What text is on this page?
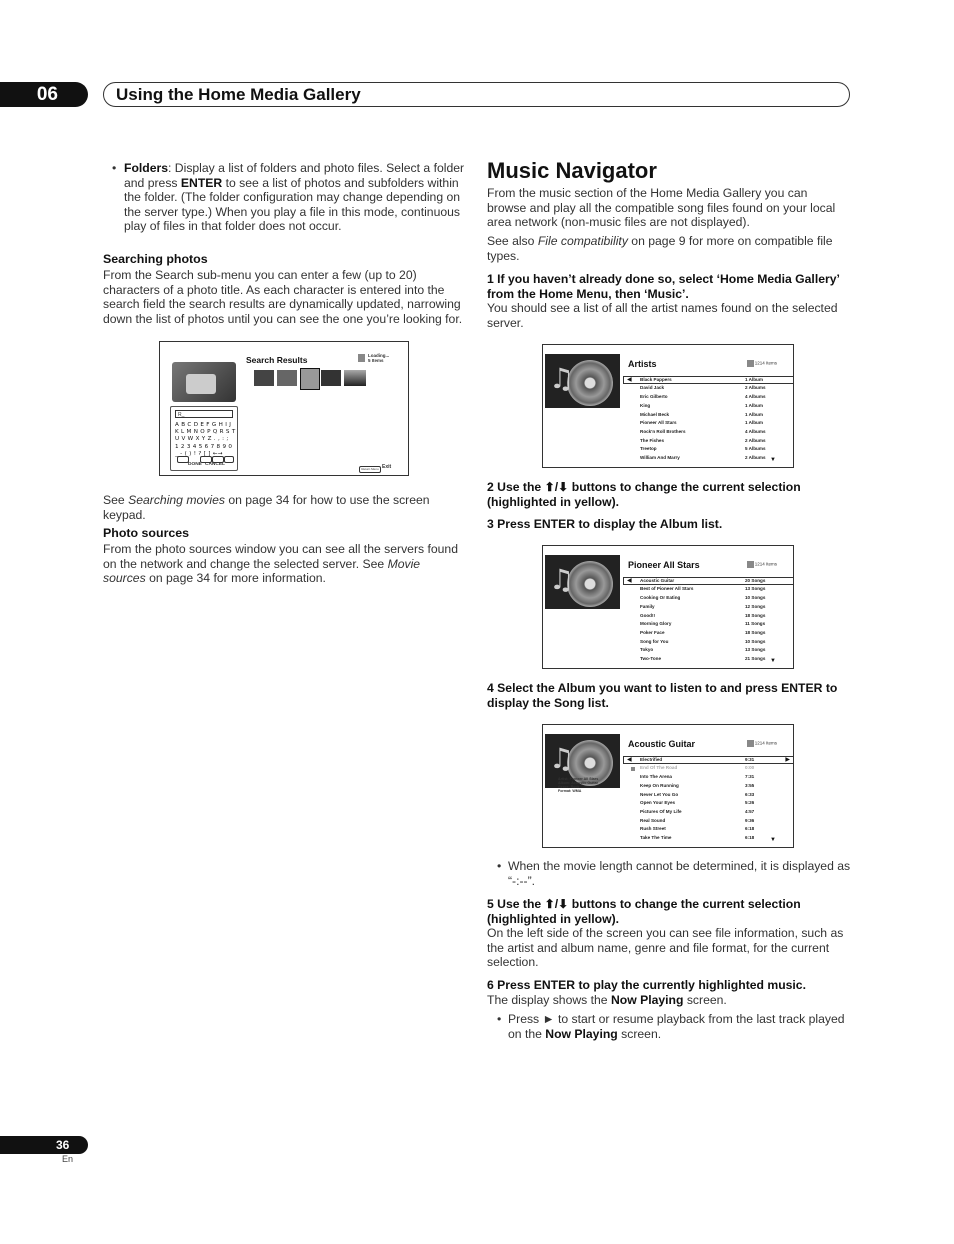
06	Using the Home Media Gallery
• Folders: Display a list of folders and photo files. Select a folder and press ENTER to see a list of photos and subfolders within the folder. (The folder configuration may change depending on the server type.) When you play a file in this mode, continuous play of files in that folder does not occur.
Searching photos
From the Search sub-menu you can enter a few (up to 20) characters of a photo title. As each character is entered into the search field the search results are dynamically updated, narrowing down the list of photos until you can see the one you’re looking for.
Search Results	Loading...
5 Items
R_
A B C D E F G H I J
K L M N O P Q R S T
U V W X Y Z . , : ;
1 2 3 4 5 6 7 8 9 0
_ - ( ) ! ? [ ] ←→
DONE CANCEL
Return Menu Exit
See Searching movies on page 34 for how to use the screen keypad.
Photo sources
From the photo sources window you can see all the servers found on the network and change the selected server. See Movie sources on page 34 for more information.
Music Navigator
From the music section of the Home Media Gallery you can browse and play all the compatible song files found on your local area network (non-music files are not displayed).
See also File compatibility on page 9 for more on compatible file types.
1 If you haven’t already done so, select ‘Home Media Gallery’ from the Home Menu, then ‘Music’.
You should see a list of all the artist names found on the selected server.
♫	Artists	1214 Items
◀ Black Pappers	1 Album
David Jack	2 Albums
Eric Gilberto	4 Albums
King	1 Album
Michael Beck	1 Album
Pioneer All Stars	1 Album
Rock'n Roll Brothers	4 Albums
The Fishes	2 Albums
Treetop	5 Albums
William And Marry	2 Albums ▼
2 Use the ⬆/⬇ buttons to change the current selection (highlighted in yellow).
3 Press ENTER to display the Album list.
♫	Pioneer All Stars	1214 Items
◀ Acoustic Guitar	20 Songs
Best of Pioneer All Stars	13 Songs
Cooking Or Eating	10 Songs
Family	12 Songs
Good!!	18 Songs
Morning Glory	11 Songs
Poker Face	18 Songs
Song for You	10 Songs
Tokyo	13 Songs
Two-Tone	21 Songs ▼
4 Select the Album you want to listen to and press ENTER to display the Song list.
♫	Acoustic Guitar	1214 Items
◀	▶
Electrified	9:31
End Of The Road	0:00
Into The Arena	7:31
Keep On Running	3:55
Never Let You Go	6:33
Open Your Eyes	5:26
Pictures Of My Life	4:57
Real Sound	9:36
Rush Street	6:18
Take The Time	6:18	▼
Artist: Pioneer All Stars
Album: Acoustic Guitar
Genre: Rock
Format: WMA
• When the movie length cannot be determined, it is displayed as “-:--”.
5 Use the ⬆/⬇ buttons to change the current selection (highlighted in yellow).
On the left side of the screen you can see file information, such as the artist and album name, genre and file format, for the current selection.
6 Press ENTER to play the currently highlighted music.
The display shows the Now Playing screen.
• Press ► to start or resume playback from the last track played on the Now Playing screen.
36
En
